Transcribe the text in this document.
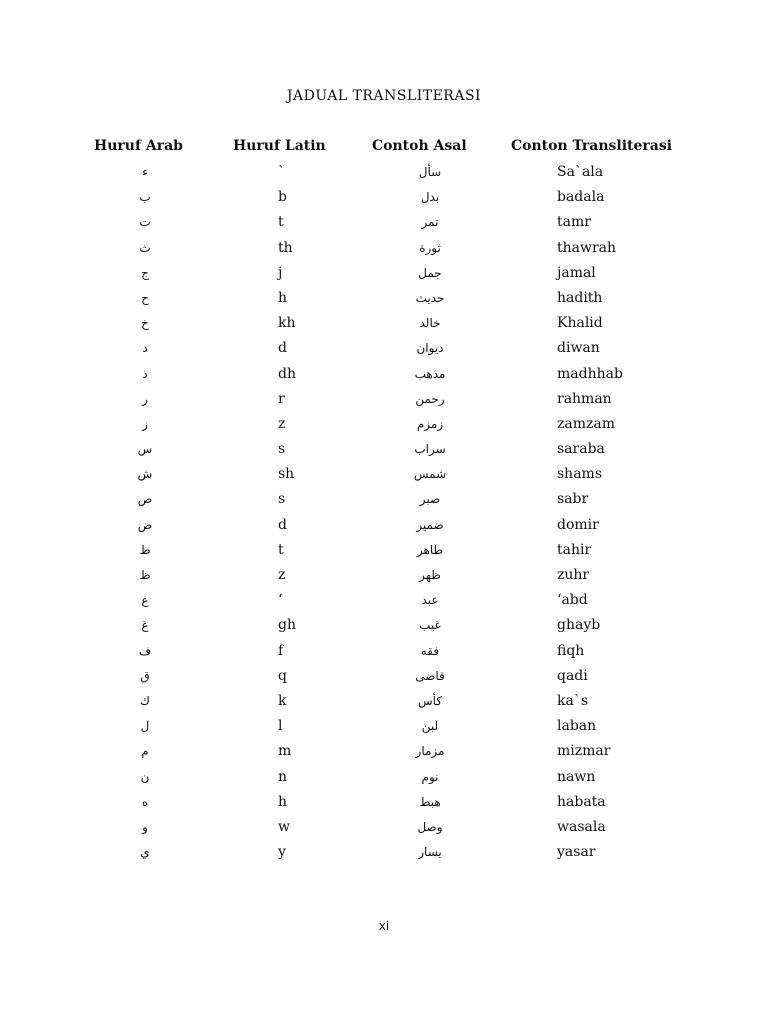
JADUAL TRANSLITERASI
Huruf Arab	Huruf Latin	Contoh Asal	Conton Transliterasi
ء	`	سأل	Sa`ala
ب	b	بدل	badala
ت	t	تمر	tamr
ث	th	ثورة	thawrah
ج	j	جمل	jamal
ح	h	حديث	hadith
خ	kh	خالد	Khalid
د	d	ديوان	diwan
ذ	dh	مذهب	madhhab
ر	r	رحمن	rahman
ز	z	زمزم	zamzam
س	s	سراب	saraba
ش	sh	شمس	shams
ص	s	صبر	sabr
ض	d	ضمير	domir
ط	t	طاهر	tahir
ظ	z	ظهر	zuhr
ع	‘	عبد	‘abd
غ	gh	غيب	ghayb
ف	f	فقه	fiqh
ق	q	قاضى	qadi
ك	k	كأس	ka`s
ل	l	لبن	laban
م	m	مزمار	mizmar
ن	n	نوم	nawn
ه	h	هبط	habata
و	w	وصل	wasala
ي	y	يسار	yasar
xi
